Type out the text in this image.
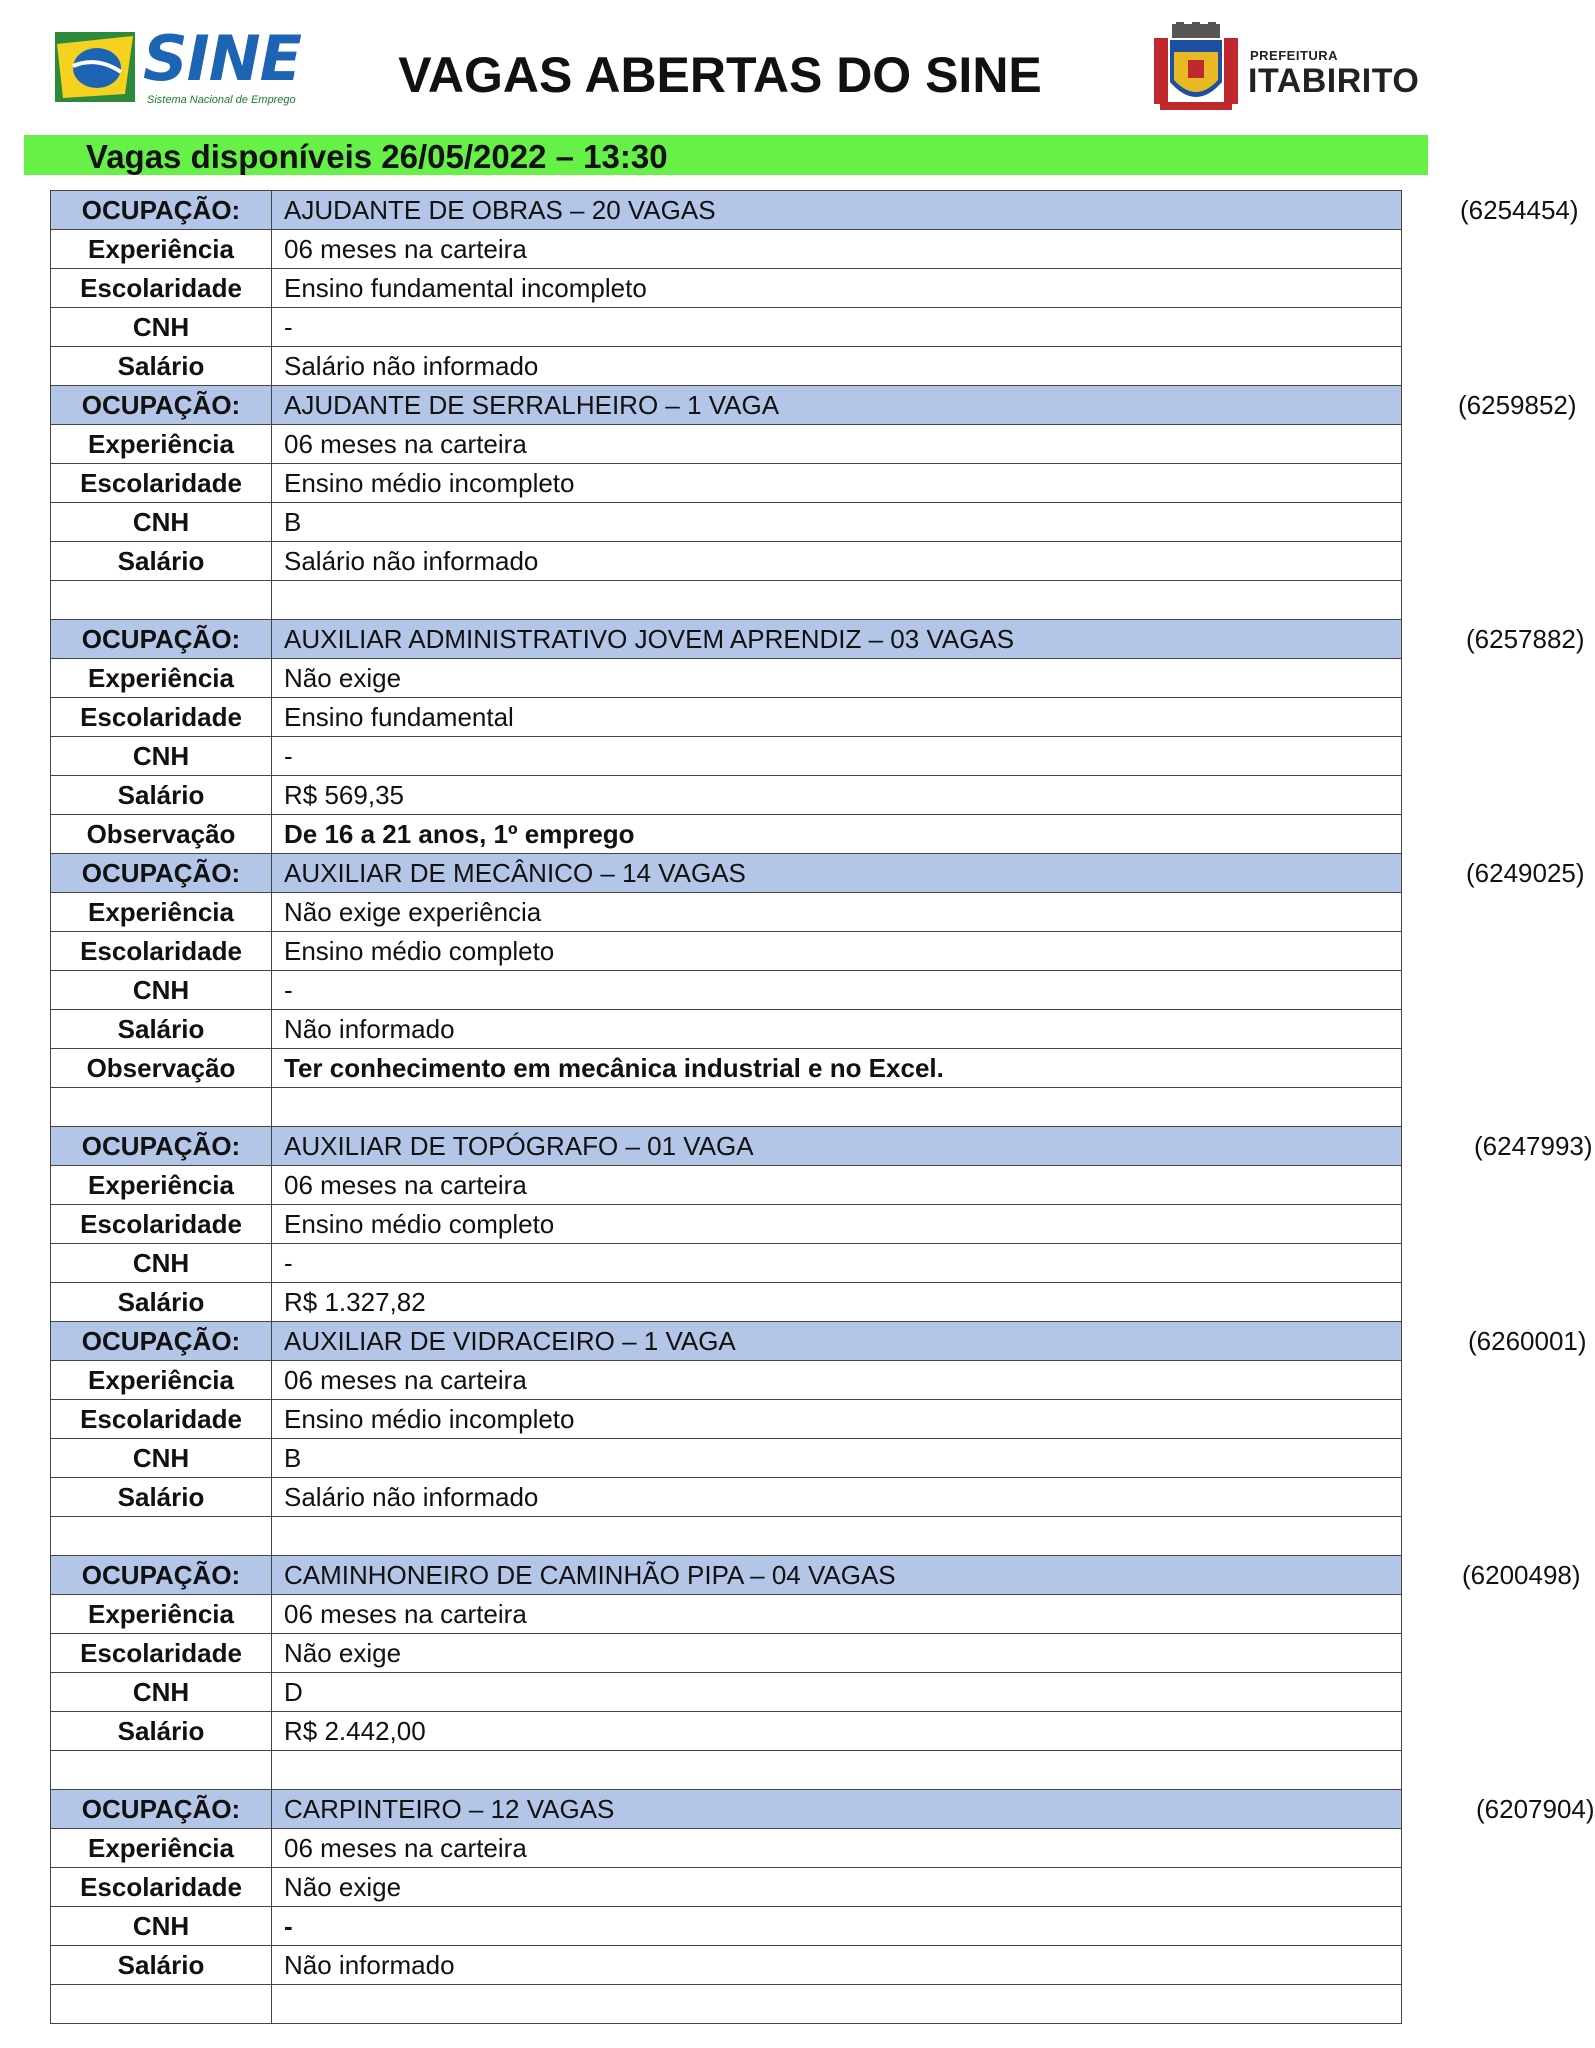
SINE
Sistema Nacional de Emprego	VAGAS ABERTAS DO SINE	PREFEITURA
ITABIRITO
Vagas disponíveis 26/05/2022 – 13:30
OCUPAÇÃO:	AJUDANTE DE OBRAS – 20 VAGAS (6254454)

Experiência	06 meses na carteira
Escolaridade	Ensino fundamental incompleto
CNH	-
Salário	Salário não informado
OCUPAÇÃO:	AJUDANTE DE SERRALHEIRO – 1 VAGA (6259852)

Experiência	06 meses na carteira
Escolaridade	Ensino médio incompleto
CNH	B
Salário	Salário não informado

OCUPAÇÃO:	AUXILIAR ADMINISTRATIVO JOVEM APRENDIZ – 03 VAGAS (6257882)

Experiência	Não exige
Escolaridade	Ensino fundamental
CNH	-
Salário	R$ 569,35
Observação	De 16 a 21 anos, 1º emprego
OCUPAÇÃO:	AUXILIAR DE MECÂNICO – 14 VAGAS (6249025)

Experiência	Não exige experiência
Escolaridade	Ensino médio completo
CNH	-
Salário	Não informado
Observação	Ter conhecimento em mecânica industrial e no Excel.

OCUPAÇÃO:	AUXILIAR DE TOPÓGRAFO – 01 VAGA (6247993)

Experiência	06 meses na carteira
Escolaridade	Ensino médio completo
CNH	-
Salário	R$ 1.327,82
OCUPAÇÃO:	AUXILIAR DE VIDRACEIRO – 1 VAGA (6260001)

Experiência	06 meses na carteira
Escolaridade	Ensino médio incompleto
CNH	B
Salário	Salário não informado

OCUPAÇÃO:	CAMINHONEIRO DE CAMINHÃO PIPA – 04 VAGAS (6200498)

Experiência	06 meses na carteira
Escolaridade	Não exige
CNH	D
Salário	R$ 2.442,00

OCUPAÇÃO:	CARPINTEIRO – 12 VAGAS (6207904)

Experiência	06 meses na carteira
Escolaridade	Não exige
CNH	-
Salário	Não informado
